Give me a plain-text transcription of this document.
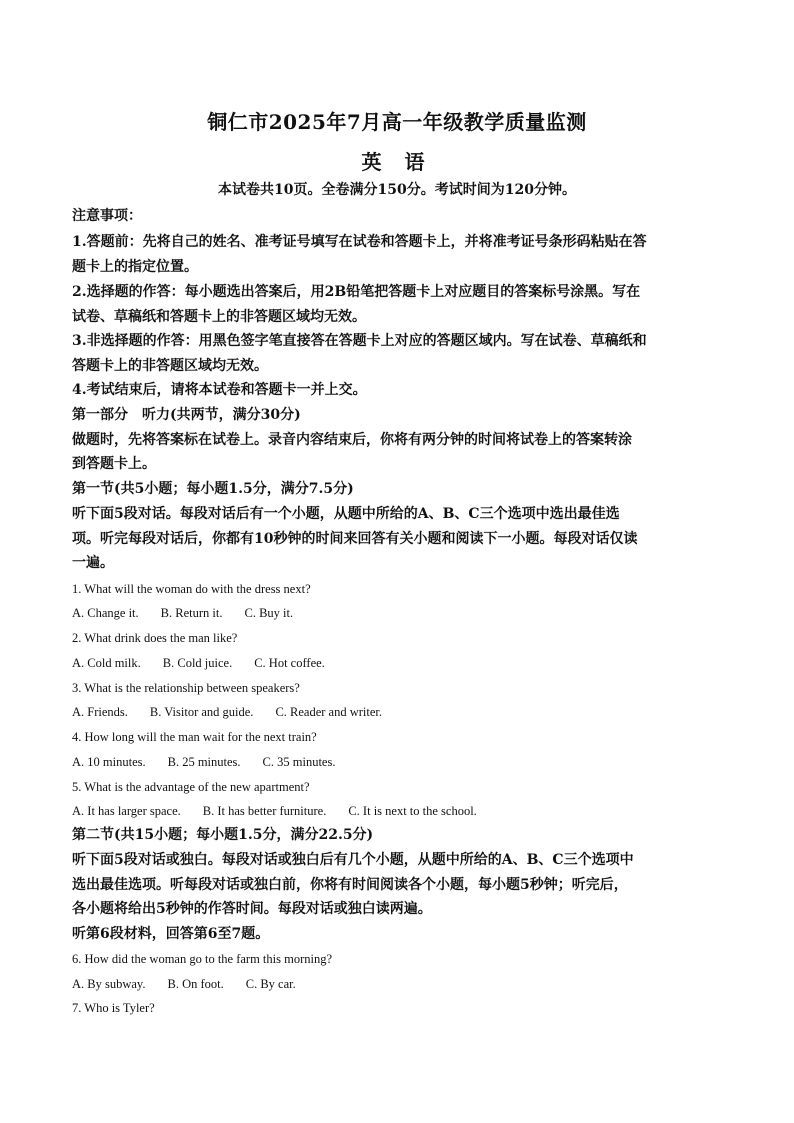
铜仁市2025年7月高一年级教学质量监测
英 语
本试卷共10页。全卷满分150分。考试时间为120分钟。
注意事项：
1.答题前：先将自己的姓名、准考证号填写在试卷和答题卡上，并将准考证号条形码粘贴在答
题卡上的指定位置。
2.选择题的作答：每小题选出答案后，用2B铅笔把答题卡上对应题目的答案标号涂黑。写在
试卷、草稿纸和答题卡上的非答题区域均无效。
3.非选择题的作答：用黑色签字笔直接答在答题卡上对应的答题区域内。写在试卷、草稿纸和
答题卡上的非答题区域均无效。
4.考试结束后，请将本试卷和答题卡一并上交。
第一部分　听力(共两节，满分30分)
做题时，先将答案标在试卷上。录音内容结束后，你将有两分钟的时间将试卷上的答案转涂
到答题卡上。
第一节(共5小题；每小题1.5分，满分7.5分)
听下面5段对话。每段对话后有一个小题，从题中所给的A、B、C三个选项中选出最佳选
项。听完每段对话后，你都有10秒钟的时间来回答有关小题和阅读下一小题。每段对话仅读
一遍。
1. What will the woman do with the dress next?
A. Change it. B. Return it. C. Buy it.
2. What drink does the man like?
A. Cold milk. B. Cold juice. C. Hot coffee.
3. What is the relationship between speakers?
A. Friends. B. Visitor and guide. C. Reader and writer.
4. How long will the man wait for the next train?
A. 10 minutes. B. 25 minutes. C. 35 minutes.
5. What is the advantage of the new apartment?
A. It has larger space. B. It has better furniture. C. It is next to the school.
第二节(共15小题；每小题1.5分，满分22.5分)
听下面5段对话或独白。每段对话或独白后有几个小题，从题中所给的A、B、C三个选项中
选出最佳选项。听每段对话或独白前，你将有时间阅读各个小题，每小题5秒钟；听完后，
各小题将给出5秒钟的作答时间。每段对话或独白读两遍。
听第6段材料，回答第6至7题。
6. How did the woman go to the farm this morning?
A. By subway. B. On foot. C. By car.
7. Who is Tyler?
